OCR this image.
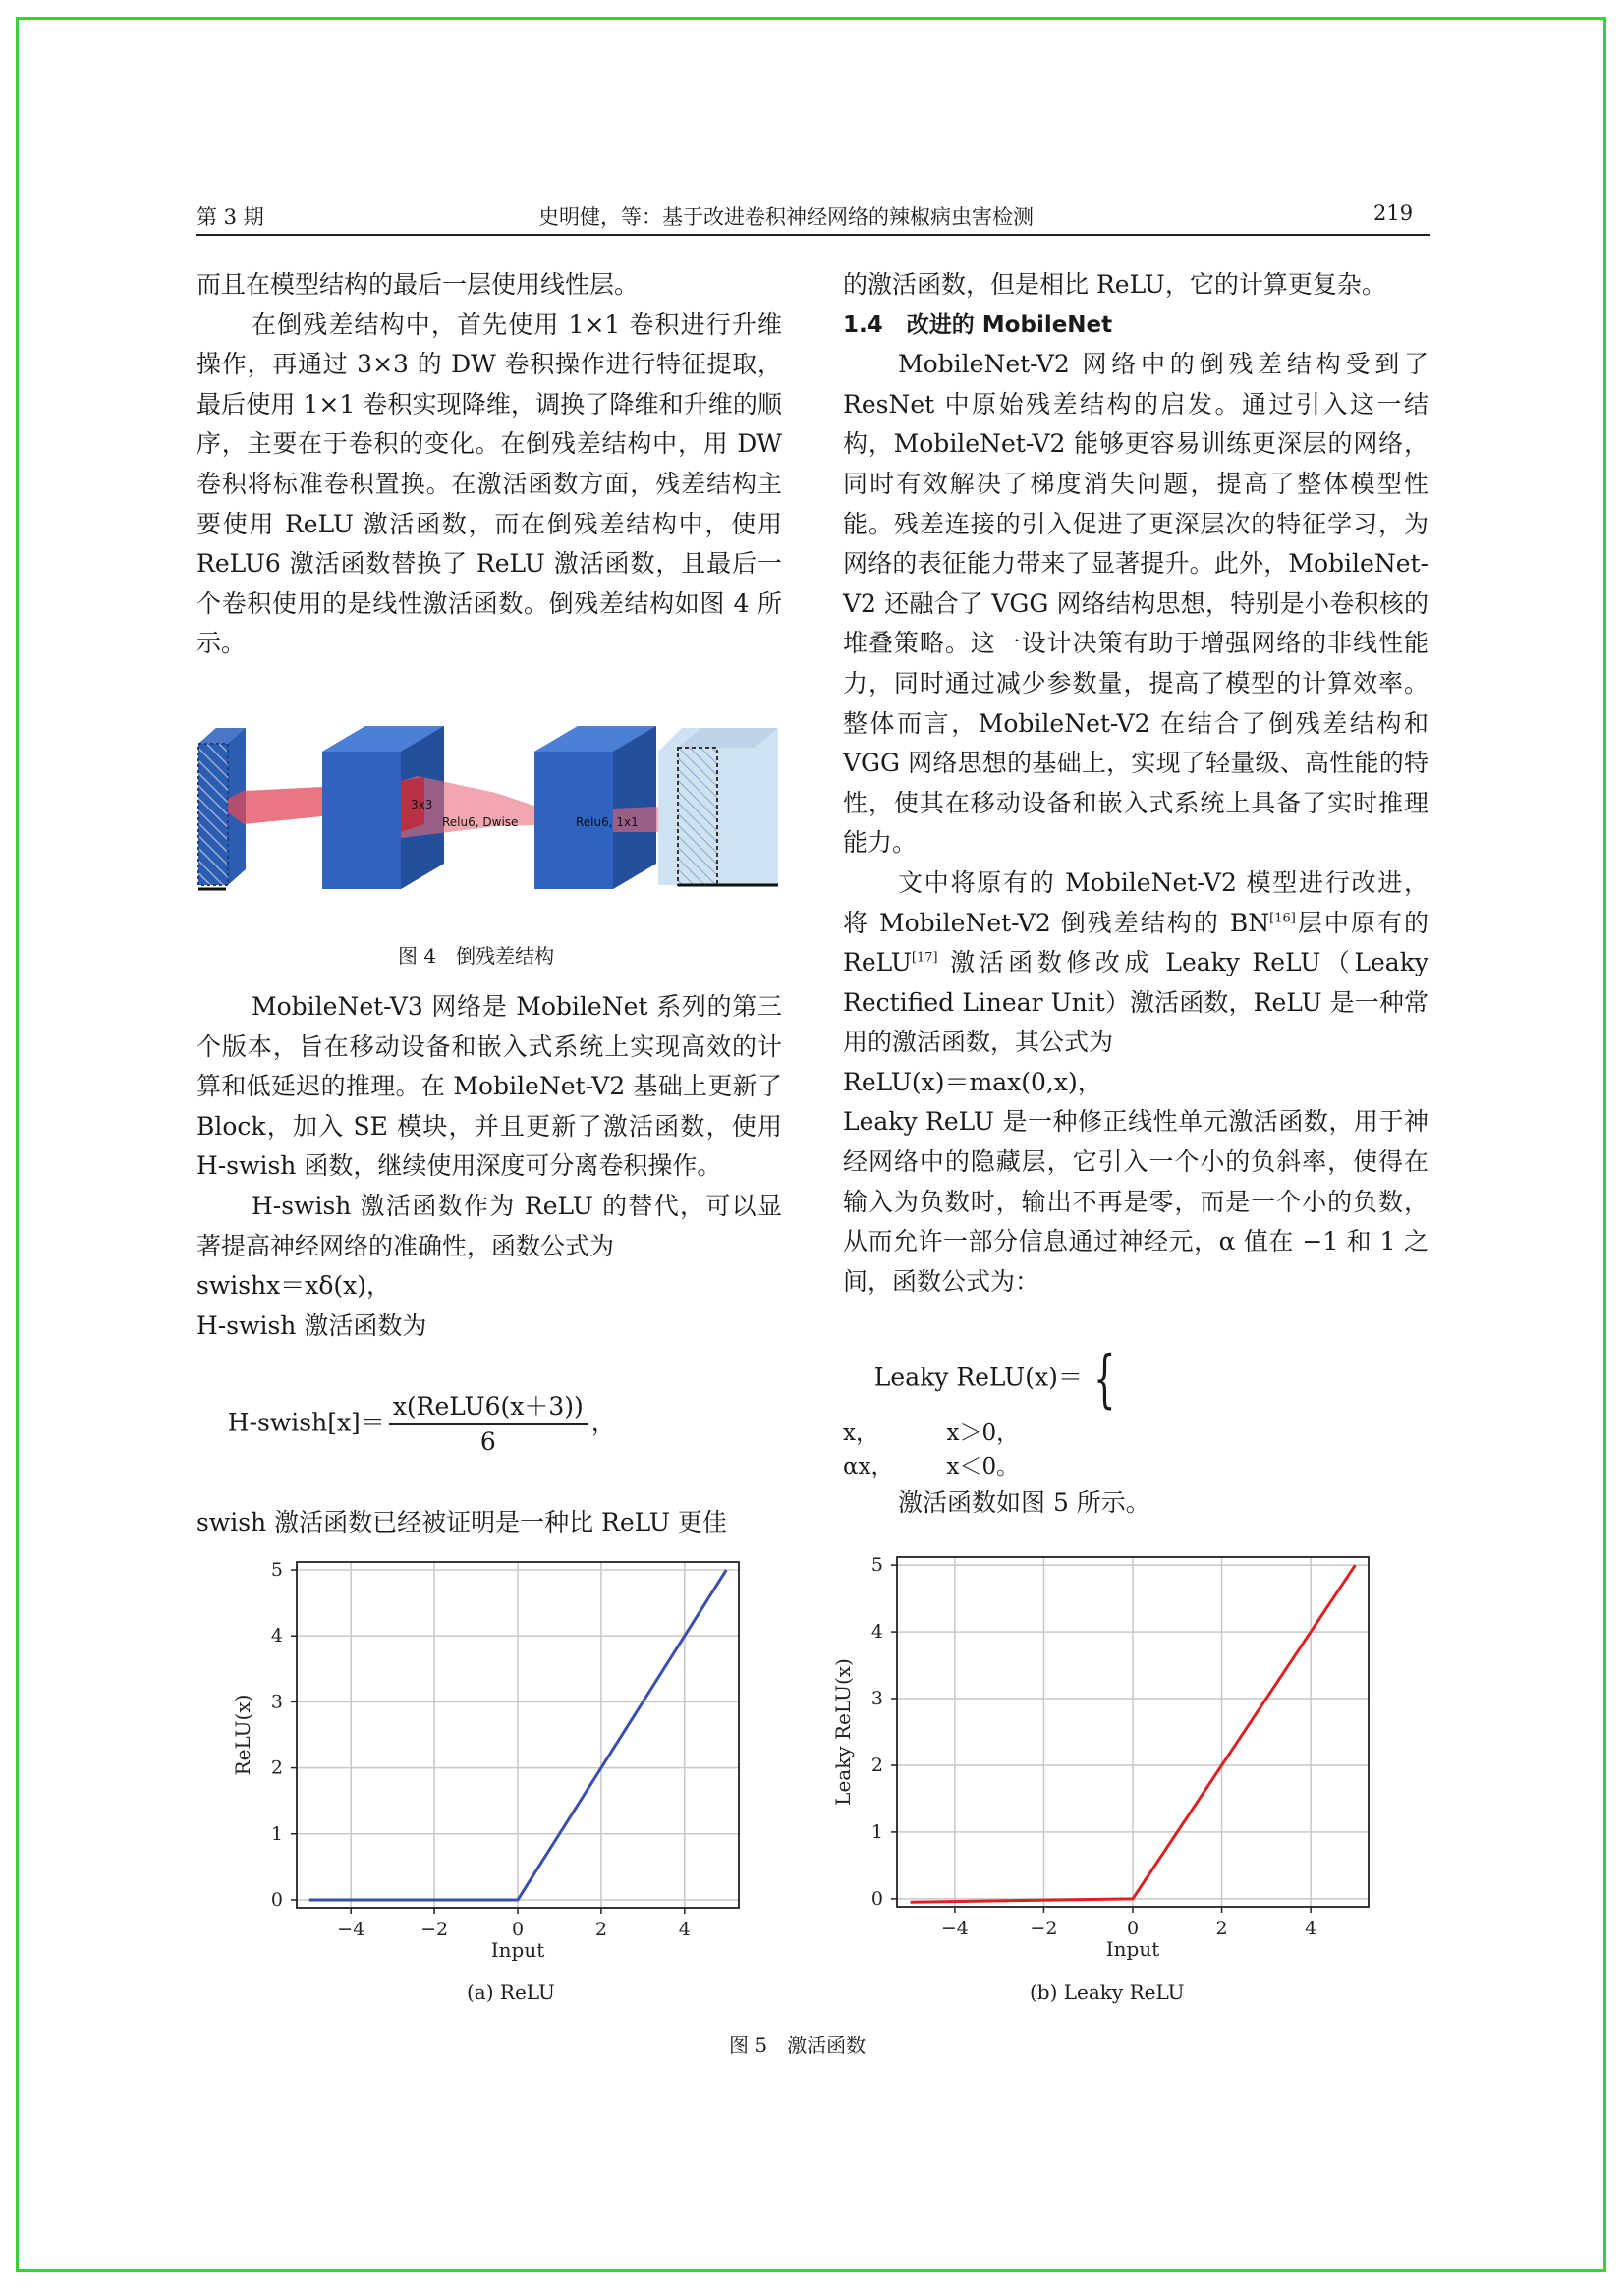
第 3 期	史明健，等：基于改进卷积神经网络的辣椒病虫害检测	219

而且在模型结构的最后一层使用线性层。

在倒残差结构中，首先使用 1×1 卷积进行升维操作，再通过 3×3 的 DW 卷积操作进行特征提取，最后使用 1×1 卷积实现降维，调换了降维和升维的顺序，主要在于卷积的变化。在倒残差结构中，用 DW 卷积将标准卷积置换。在激活函数方面，残差结构主要使用 ReLU 激活函数，而在倒残差结构中，使用 ReLU6 激活函数替换了 ReLU 激活函数，且最后一个卷积使用的是线性激活函数。倒残差结构如图 4 所示。

3x3
Relu6, Dwise	Relu6, 1x1
图 4　倒残差结构

MobileNet-V3 网络是 MobileNet 系列的第三个版本，旨在移动设备和嵌入式系统上实现高效的计算和低延迟的推理。在 MobileNet-V2 基础上更新了 Block，加入 SE 模块，并且更新了激活函数，使用 H-swish 函数，继续使用深度可分离卷积操作。

H-swish 激活函数作为 ReLU 的替代，可以显著提高神经网络的准确性，函数公式为

swishx＝xδ(x)，

H-swish 激活函数为

H-swish[x]＝ $\frac{\text{x(ReLU6(x＋3))}}{6}$ ，

swish 激活函数已经被证明是一种比 ReLU 更佳

的激活函数，但是相比 ReLU，它的计算更复杂。

1.4 改进的 MobileNet

MobileNet-V2 网络中的倒残差结构受到了 ResNet 中原始残差结构的启发。通过引入这一结构，MobileNet-V2 能够更容易训练更深层的网络，同时有效解决了梯度消失问题，提高了整体模型性能。残差连接的引入促进了更深层次的特征学习，为网络的表征能力带来了显著提升。此外，MobileNet-V2 还融合了 VGG 网络结构思想，特别是小卷积核的堆叠策略。这一设计决策有助于增强网络的非线性能力，同时通过减少参数量，提高了模型的计算效率。整体而言，MobileNet-V2 在结合了倒残差结构和 VGG 网络思想的基础上，实现了轻量级、高性能的特性，使其在移动设备和嵌入式系统上具备了实时推理能力。

文中将原有的 MobileNet-V2 模型进行改进，将 MobileNet-V2 倒残差结构的 BN[16]层中原有的 ReLU[17] 激活函数修改成 Leaky ReLU（Leaky Rectified Linear Unit）激活函数，ReLU 是一种常用的激活函数，其公式为

ReLU(x)＝max(0,x)，

Leaky ReLU 是一种修正线性单元激活函数，用于神经网络中的隐藏层，它引入一个小的负斜率，使得在输入为负数时，输出不再是零，而是一个小的负数，从而允许一部分信息通过神经元，α 值在 −1 和 1 之间，函数公式为：

Leaky ReLU(x)＝ {

x，	x＞0，
αx，	x＜0。

激活函数如图 5 所示。

−4	−2	0	2	4
0
1
2
3
4
5
Input
ReLU(x)
−4	−2	0	2	4
0
1
2
3
4
5
Input
Leaky ReLU(x)
(a) ReLU	(b) Leaky ReLU
图 5　激活函数
